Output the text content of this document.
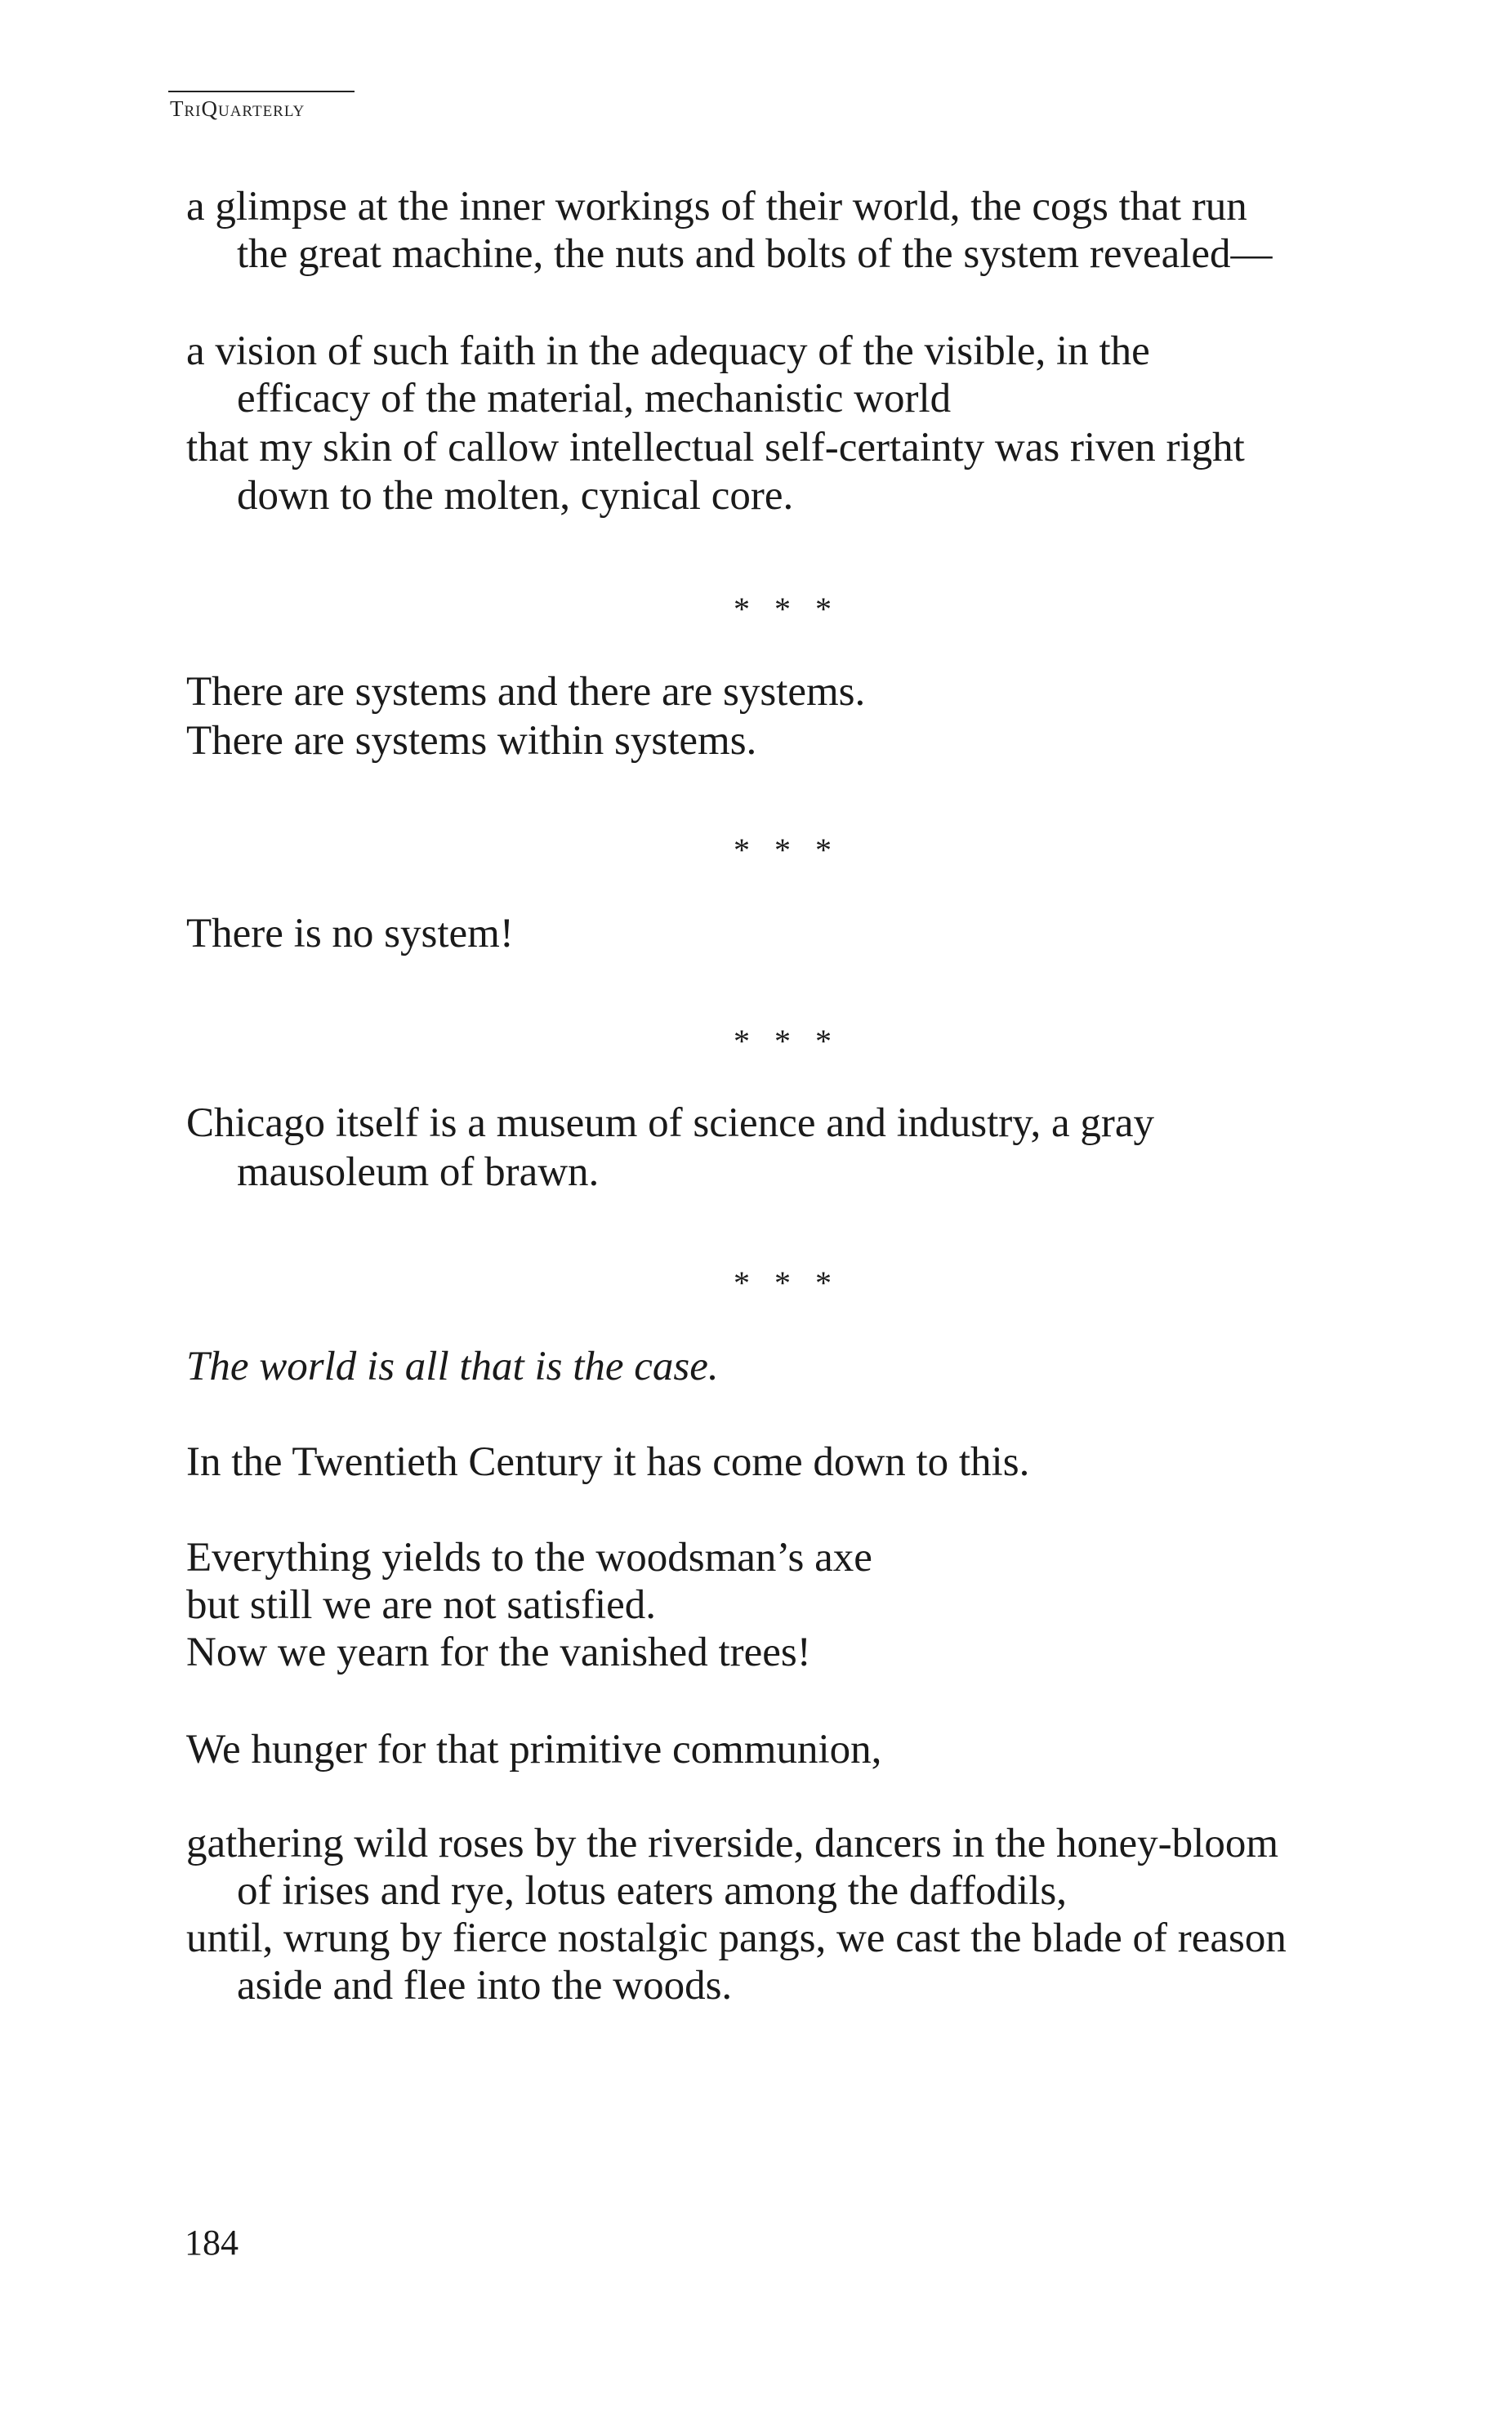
TriQuarterly
a glimpse at the inner workings of their world, the cogs that run
the great machine, the nuts and bolts of the system revealed—
a vision of such faith in the adequacy of the visible, in the
efficacy of the material, mechanistic world
that my skin of callow intellectual self-certainty was riven right
down to the molten, cynical core.
* * *
There are systems and there are systems.
There are systems within systems.
* * *
There is no system!
* * *
Chicago itself is a museum of science and industry, a gray
mausoleum of brawn.
* * *
The world is all that is the case.
In the Twentieth Century it has come down to this.
Everything yields to the woodsman’s axe
but still we are not satisfied.
Now we yearn for the vanished trees!
We hunger for that primitive communion,
gathering wild roses by the riverside, dancers in the honey-bloom
of irises and rye, lotus eaters among the daffodils,
until, wrung by fierce nostalgic pangs, we cast the blade of reason
aside and flee into the woods.
184
